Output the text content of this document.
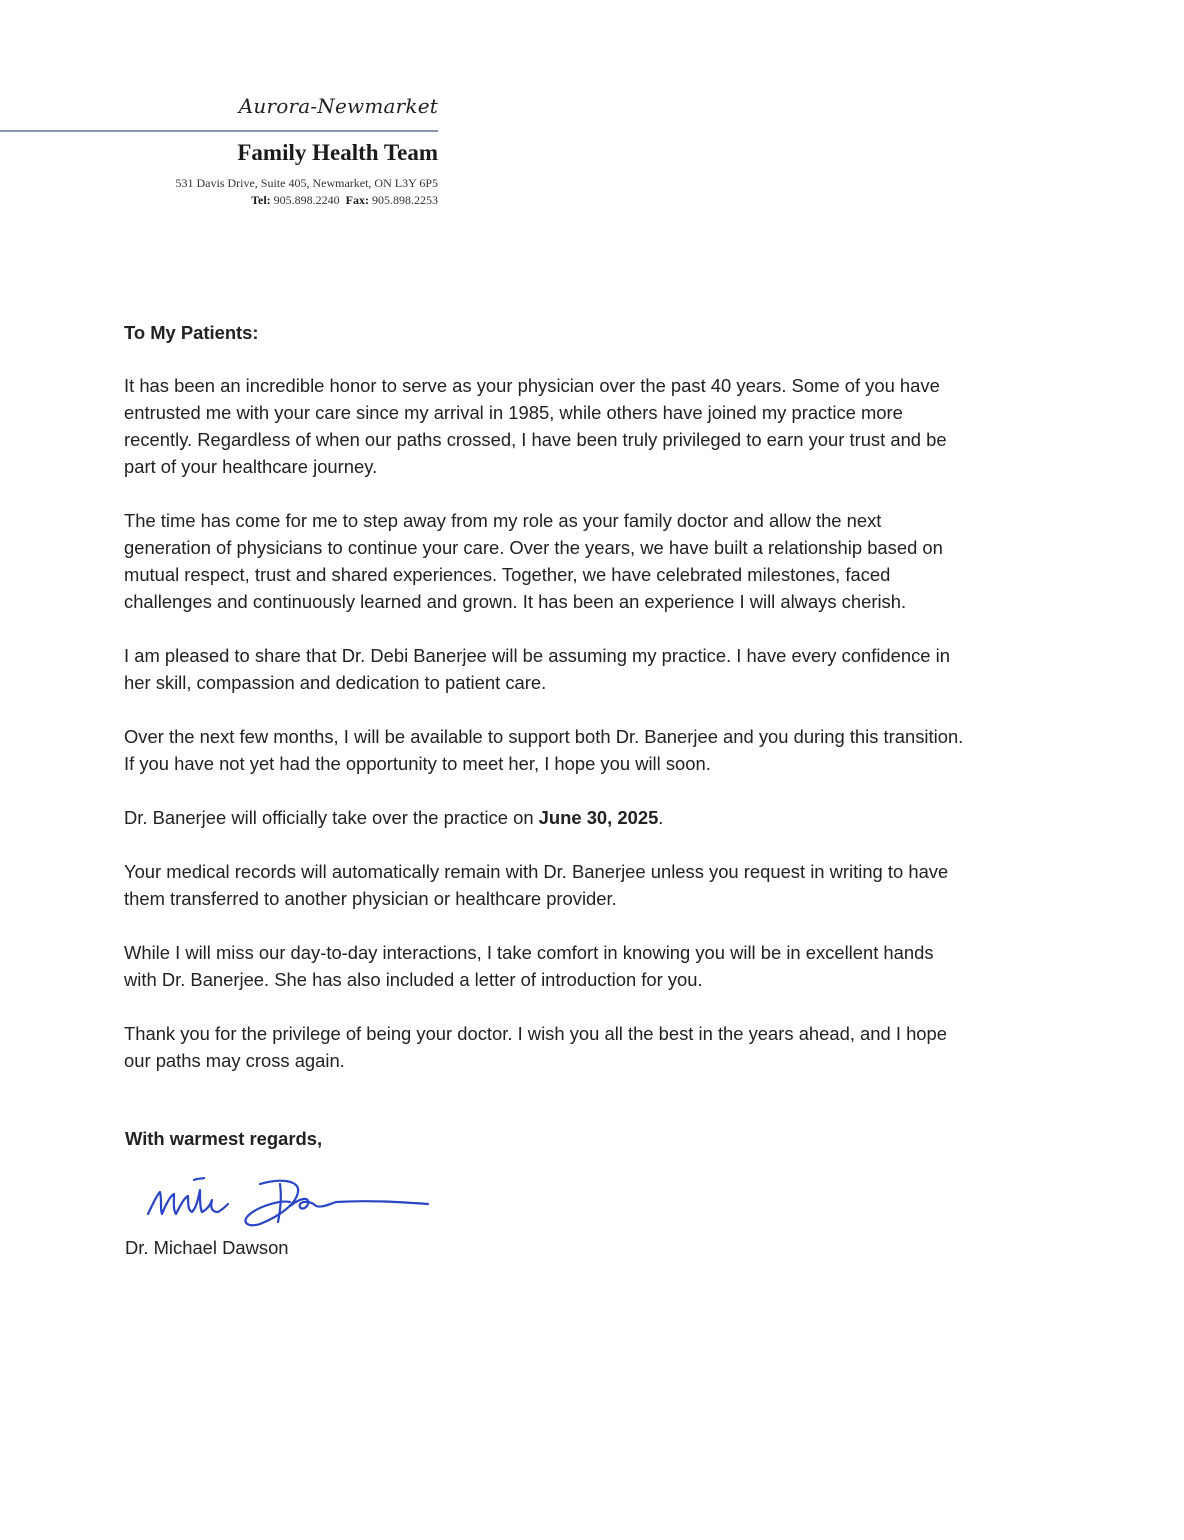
Aurora-Newmarket
Family Health Team
531 Davis Drive, Suite 405, Newmarket, ON L3Y 6P5
Tel: 905.898.2240 Fax: 905.898.2253
To My Patients:
It has been an incredible honor to serve as your physician over the past 40 years. Some of you have
entrusted me with your care since my arrival in 1985, while others have joined my practice more
recently. Regardless of when our paths crossed, I have been truly privileged to earn your trust and be
part of your healthcare journey.
The time has come for me to step away from my role as your family doctor and allow the next
generation of physicians to continue your care. Over the years, we have built a relationship based on
mutual respect, trust and shared experiences. Together, we have celebrated milestones, faced
challenges and continuously learned and grown. It has been an experience I will always cherish.
I am pleased to share that Dr. Debi Banerjee will be assuming my practice. I have every confidence in
her skill, compassion and dedication to patient care.
Over the next few months, I will be available to support both Dr. Banerjee and you during this transition.
If you have not yet had the opportunity to meet her, I hope you will soon.
Dr. Banerjee will officially take over the practice on June 30, 2025.
Your medical records will automatically remain with Dr. Banerjee unless you request in writing to have
them transferred to another physician or healthcare provider.
While I will miss our day-to-day interactions, I take comfort in knowing you will be in excellent hands
with Dr. Banerjee. She has also included a letter of introduction for you.
Thank you for the privilege of being your doctor. I wish you all the best in the years ahead, and I hope
our paths may cross again.
With warmest regards,
Dr. Michael Dawson
